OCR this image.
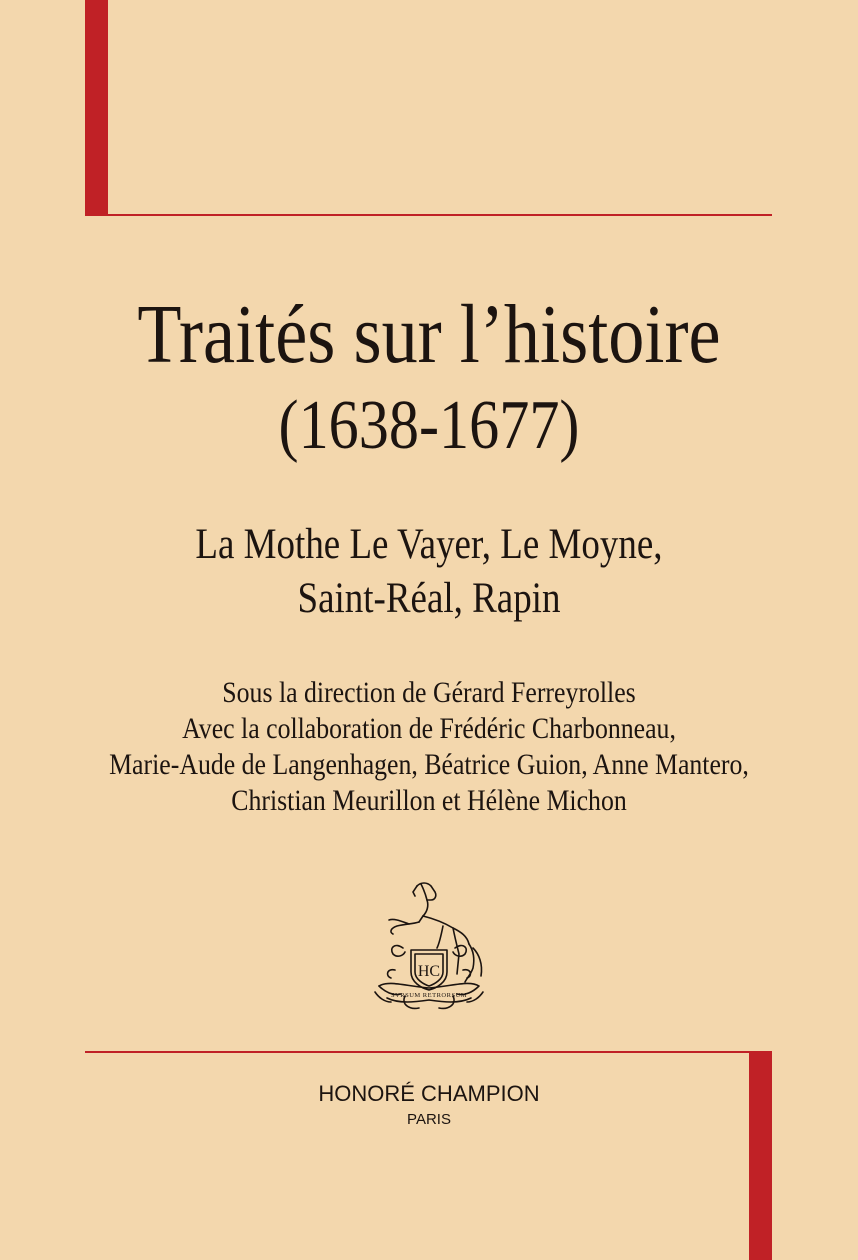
Traités sur l’histoire
(1638-1677)
La Mothe Le Vayer, Le Moyne,
Saint-Réal, Rapin
Sous la direction de Gérard Ferreyrolles
Avec la collaboration de Frédéric Charbonneau,
Marie-Aude de Langenhagen, Béatrice Guion, Anne Mantero,
Christian Meurillon et Hélène Michon
HC
SVRSUM RETRORSUM
HONORÉ CHAMPION
PARIS
